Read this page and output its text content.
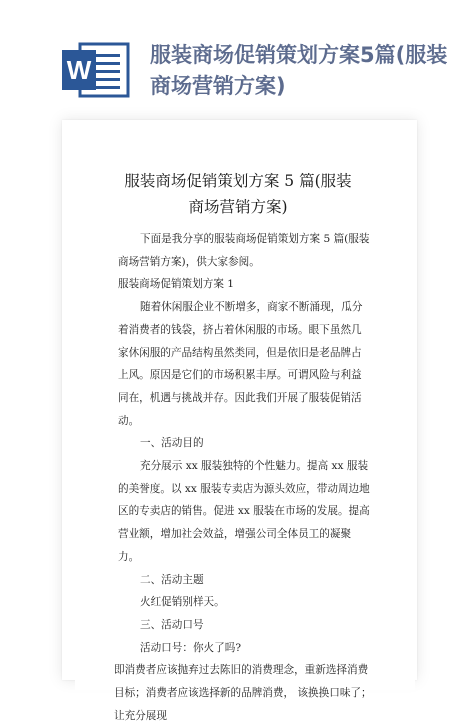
W	服装商场促销策划方案5篇(服装商场营销方案)
服装商场促销策划方案 5 篇(服装商场营销方案)

下面是我分享的服装商场促销策划方案 5 篇(服装商场营销方案)，供大家参阅。

服装商场促销策划方案 1

随着休闲服企业不断增多，商家不断涌现，瓜分着消费者的钱袋，挤占着休闲服的市场。眼下虽然几家休闲服的产品结构虽然类同，但是依旧是老品牌占上风。原因是它们的市场积累丰厚。可谓风险与利益同在，机遇与挑战并存。因此我们开展了服装促销活动。

一、活动目的

充分展示 xx 服装独特的个性魅力。提高 xx 服装的美誉度。以 xx 服装专卖店为源头效应，带动周边地区的专卖店的销售。促进 xx 服装在市场的发展。提高营业额，增加社会效益，增强公司全体员工的凝聚力。

二、活动主题

火红促销别样天。

三、活动口号

活动口号：你火了吗?

即消费者应该抛弃过去陈旧的消费理念，重新选择消费目标；消费者应该选择新的品牌消费， 该换换口味了；让充分展现
